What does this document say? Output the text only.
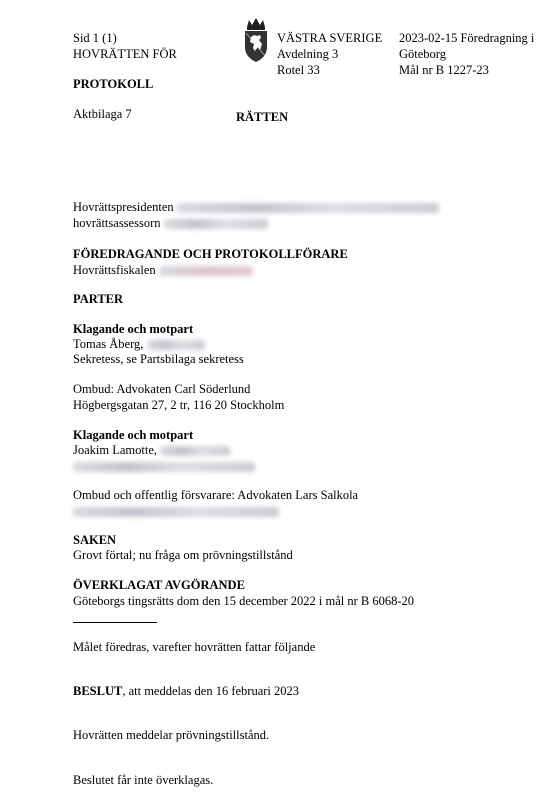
Sid 1 (1)
HOVRÄTTEN FÖR
VÄSTRA SVERIGE
Avdelning 3
Rotel 33
2023-02-15 Föredragning i
Göteborg
Mål nr B 1227-23
PROTOKOLL
Aktbilaga 7	RÄTTEN
Hovrättspresidenten
hovrättsassessorn
FÖREDRAGANDE OCH PROTOKOLLFÖRARE
Hovrättsfiskalen
PARTER
Klagande och motpart
Tomas Åberg,
Sekretess, se Partsbilaga sekretess
Ombud: Advokaten Carl Söderlund
Högbergsgatan 27, 2 tr, 116 20 Stockholm
Klagande och motpart
Joakim Lamotte,
Ombud och offentlig försvarare: Advokaten Lars Salkola
SAKEN
Grovt förtal; nu fråga om prövningstillstånd
ÖVERKLAGAT AVGÖRANDE
Göteborgs tingsrätts dom den 15 december 2022 i mål nr B 6068-20
Målet föredras, varefter hovrätten fattar följande
BESLUT, att meddelas den 16 februari 2023
Hovrätten meddelar prövningstillstånd.
Beslutet får inte överklagas.
